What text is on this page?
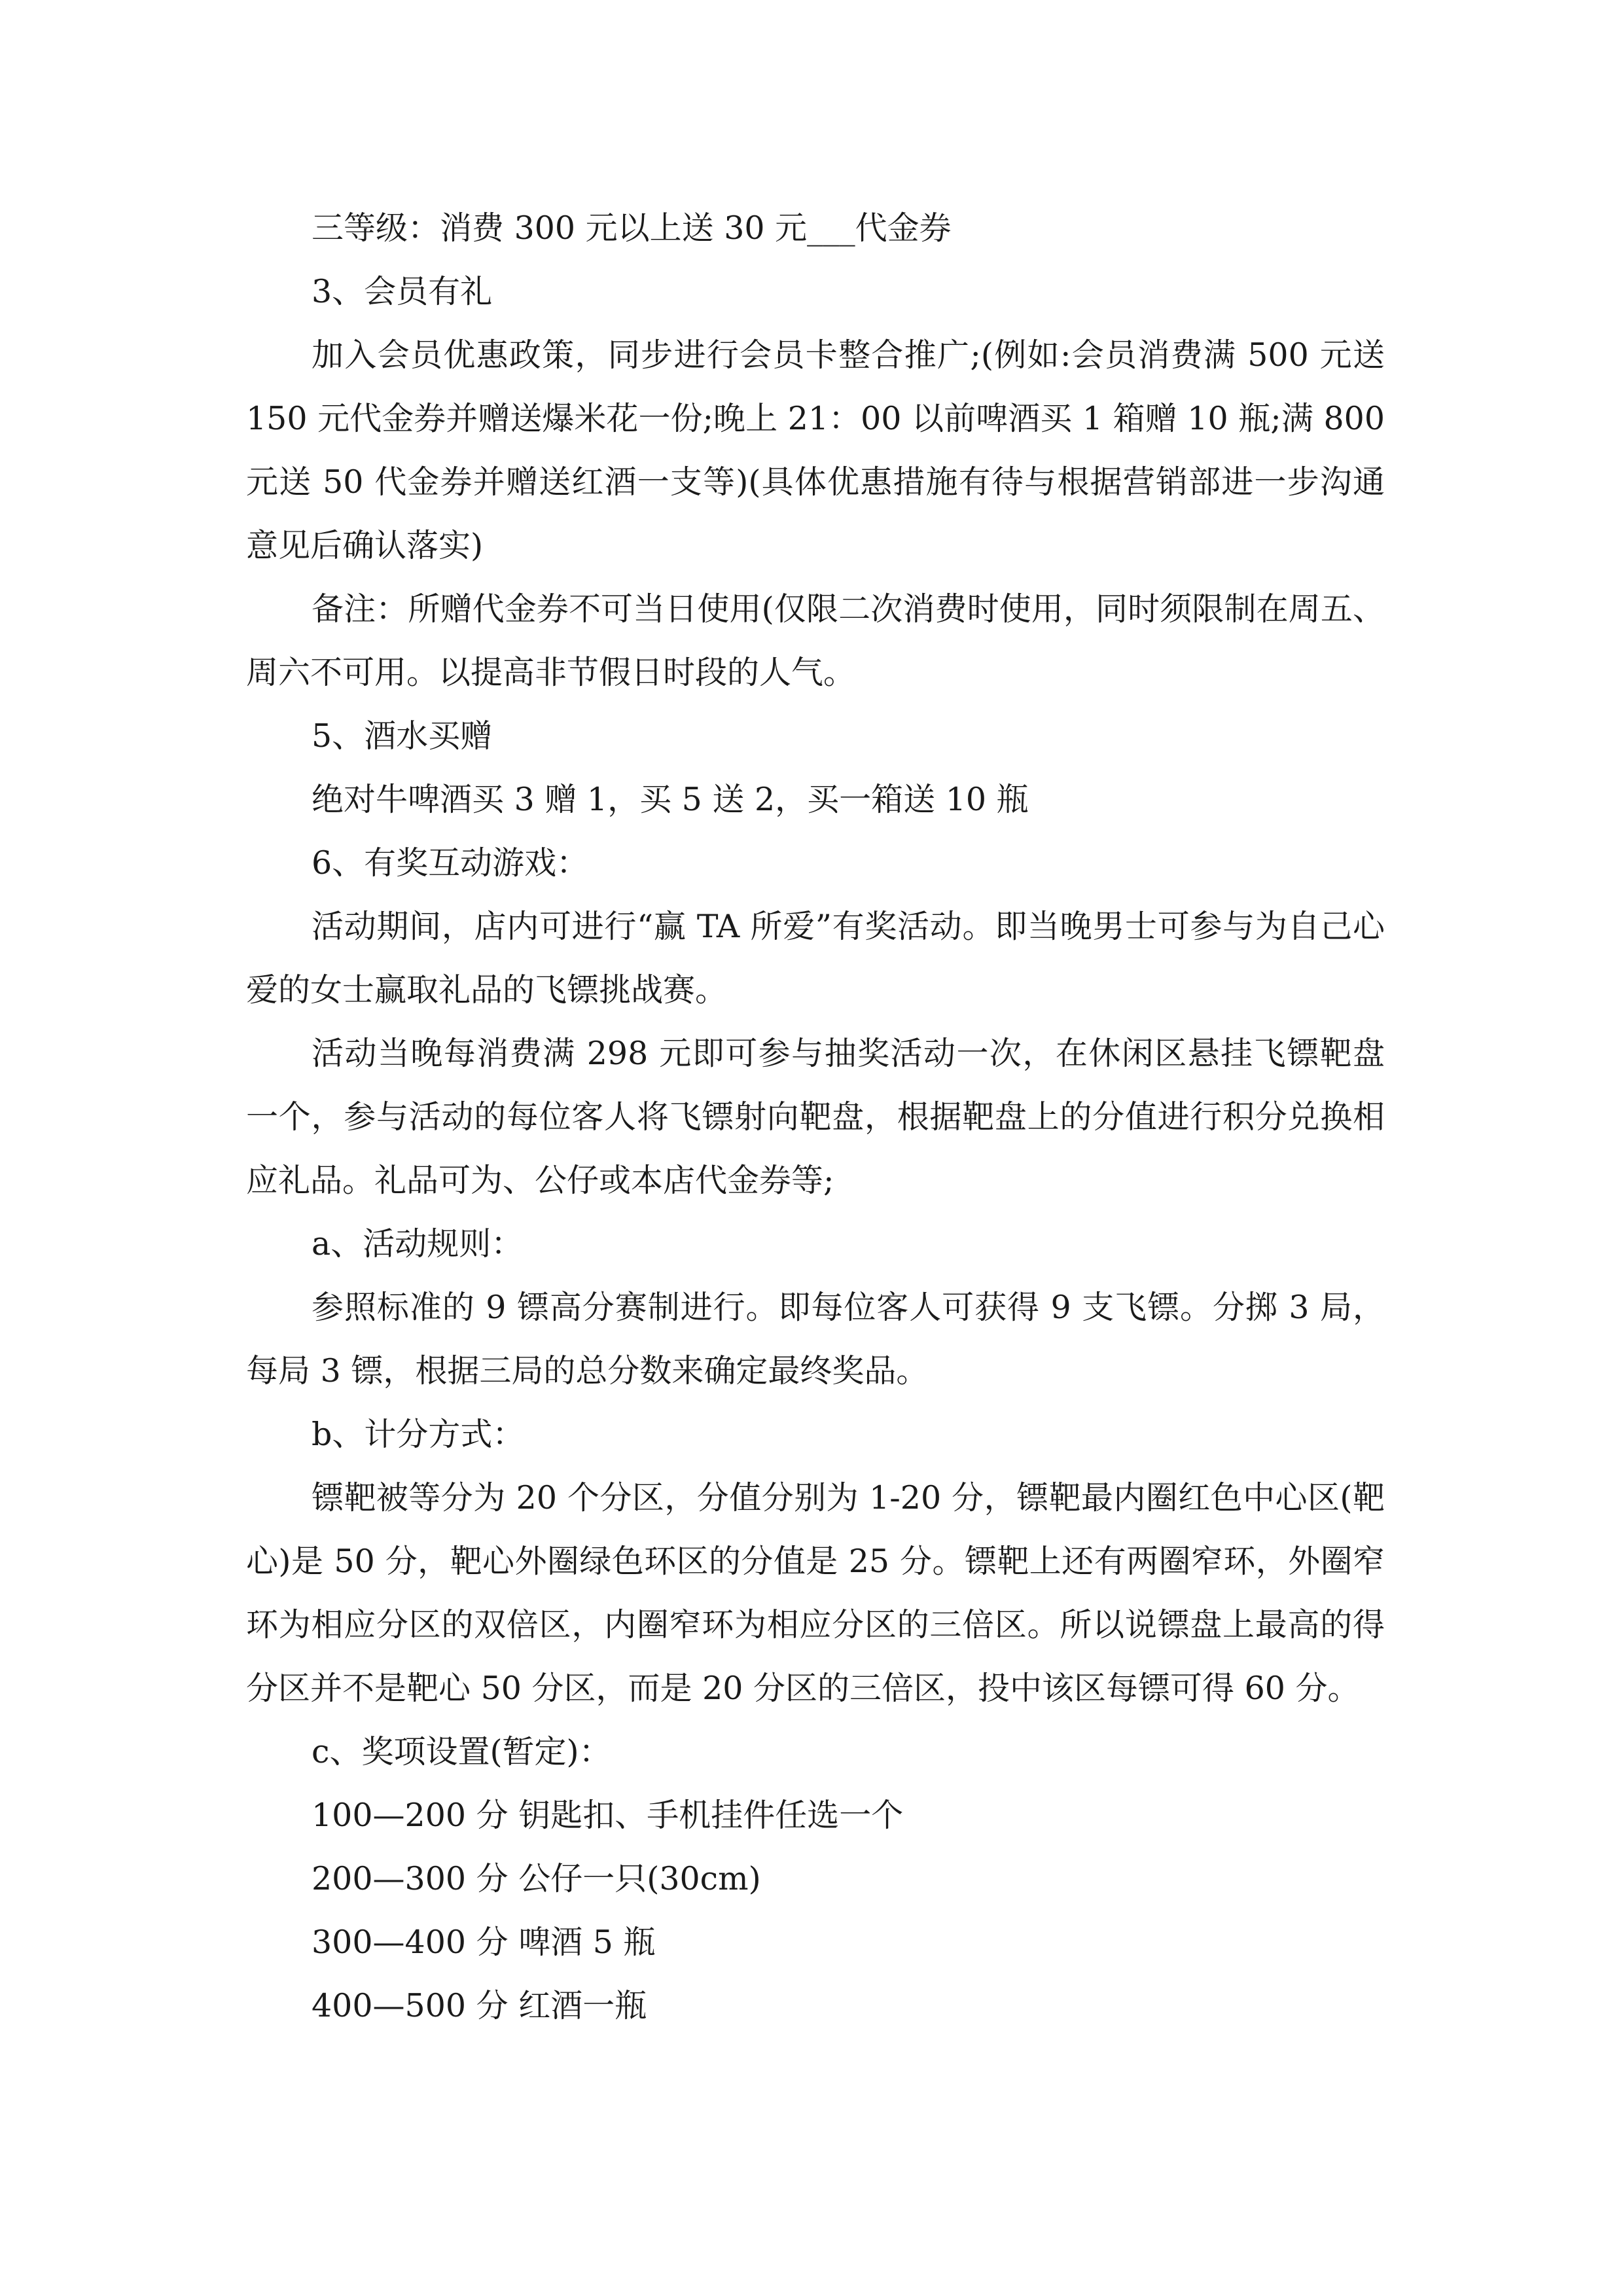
三等级：消费 300 元以上送 30 元___代金券

3、会员有礼

加入会员优惠政策，同步进行会员卡整合推广;(例如:会员消费满 500 元送 150 元代金券并赠送爆米花一份;晚上 21：00 以前啤酒买 1 箱赠 10 瓶;满 800 元送 50 代金券并赠送红酒一支等)(具体优惠措施有待与根据营销部进一步沟通意见后确认落实)

备注：所赠代金券不可当日使用(仅限二次消费时使用，同时须限制在周五、周六不可用。以提高非节假日时段的人气。

5、酒水买赠

绝对牛啤酒买 3 赠 1，买 5 送 2，买一箱送 10 瓶

6、有奖互动游戏：

活动期间，店内可进行“赢 TA 所爱”有奖活动。即当晚男士可参与为自己心爱的女士赢取礼品的飞镖挑战赛。

活动当晚每消费满 298 元即可参与抽奖活动一次，在休闲区悬挂飞镖靶盘一个，参与活动的每位客人将飞镖射向靶盘，根据靶盘上的分值进行积分兑换相应礼品。礼品可为、公仔或本店代金券等;

a、活动规则：

参照标准的 9 镖高分赛制进行。即每位客人可获得 9 支飞镖。分掷 3 局，每局 3 镖，根据三局的总分数来确定最终奖品。

b、计分方式：

镖靶被等分为 20 个分区，分值分别为 1-20 分，镖靶最内圈红色中心区(靶心)是 50 分，靶心外圈绿色环区的分值是 25 分。镖靶上还有两圈窄环，外圈窄环为相应分区的双倍区，内圈窄环为相应分区的三倍区。所以说镖盘上最高的得分区并不是靶心 50 分区，而是 20 分区的三倍区，投中该区每镖可得 60 分。

c、奖项设置(暂定)：

100—200 分 钥匙扣、手机挂件任选一个

200—300 分 公仔一只(30cm)

300—400 分 啤酒 5 瓶

400—500 分 红酒一瓶
